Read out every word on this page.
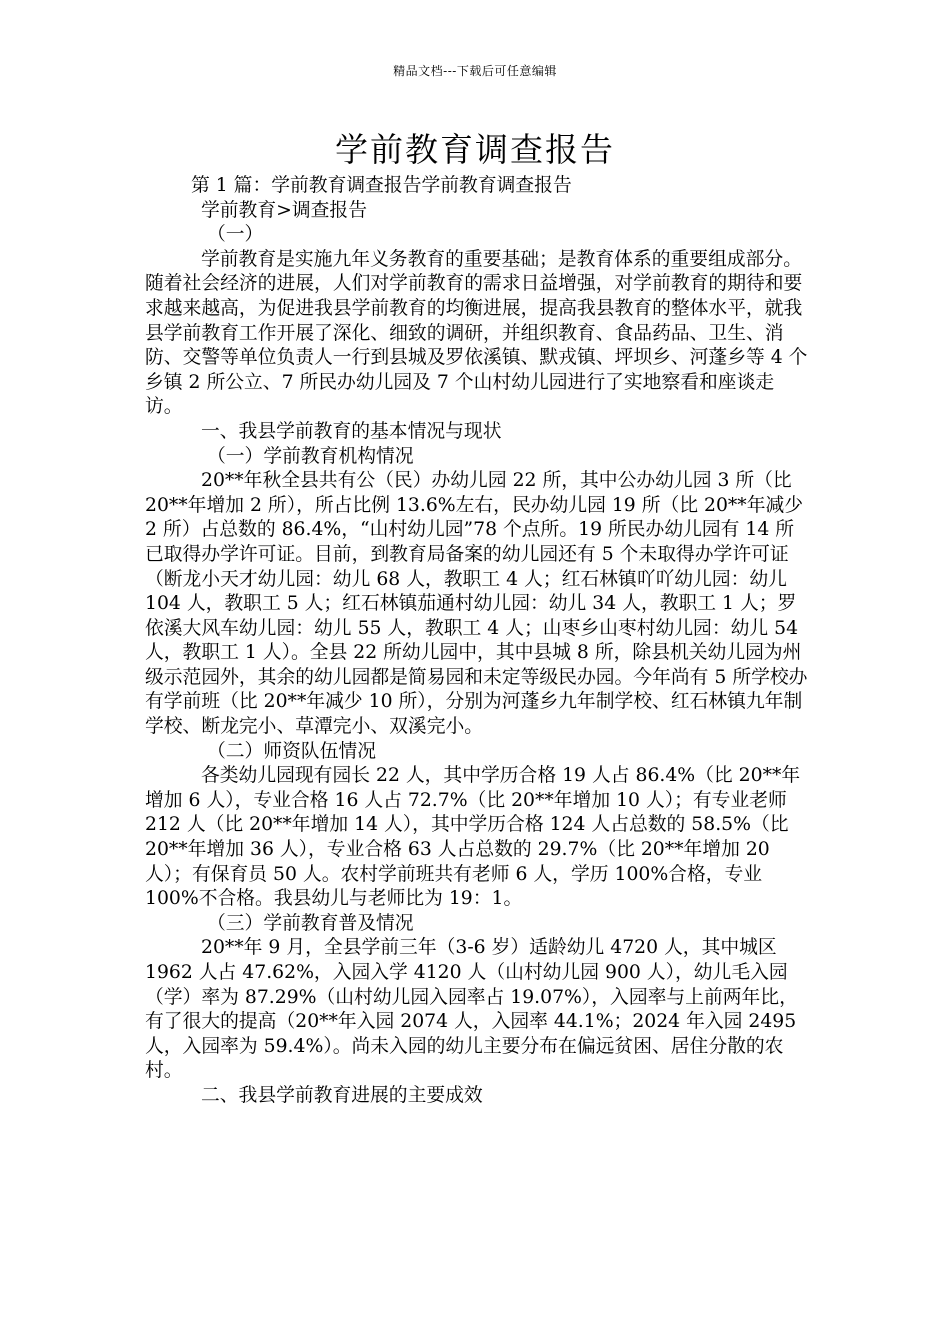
精品文档---下载后可任意编辑
学前教育调查报告

第 1 篇：学前教育调查报告学前教育调查报告

学前教育>调查报告

（一）

学前教育是实施九年义务教育的重要基础；是教育体系的重要组成部分。随着社会经济的进展，人们对学前教育的需求日益增强，对学前教育的期待和要求越来越高，为促进我县学前教育的均衡进展，提高我县教育的整体水平，就我县学前教育工作开展了深化、细致的调研，并组织教育、食品药品、卫生、消防、交警等单位负责人一行到县城及罗依溪镇、默戎镇、坪坝乡、河蓬乡等 4 个乡镇 2 所公立、7 所民办幼儿园及 7 个山村幼儿园进行了实地察看和座谈走访。

一、我县学前教育的基本情况与现状

（一）学前教育机构情况

20**年秋全县共有公（民）办幼儿园 22 所，其中公办幼儿园 3 所（比 20**年增加 2 所），所占比例 13.6%左右，民办幼儿园 19 所（比 20**年减少 2 所）占总数的 86.4%，“山村幼儿园”78 个点所。19 所民办幼儿园有 14 所已取得办学许可证。目前，到教育局备案的幼儿园还有 5 个未取得办学许可证（断龙小天才幼儿园：幼儿 68 人，教职工 4 人；红石林镇吖吖幼儿园：幼儿 104 人，教职工 5 人；红石林镇茄通村幼儿园：幼儿 34 人，教职工 1 人；罗依溪大风车幼儿园：幼儿 55 人，教职工 4 人；山枣乡山枣村幼儿园：幼儿 54 人，教职工 1 人）。全县 22 所幼儿园中，其中县城 8 所，除县机关幼儿园为州级示范园外，其余的幼儿园都是简易园和未定等级民办园。今年尚有 5 所学校办有学前班（比 20**年减少 10 所），分别为河蓬乡九年制学校、红石林镇九年制学校、断龙完小、草潭完小、双溪完小。

（二）师资队伍情况

各类幼儿园现有园长 22 人，其中学历合格 19 人占 86.4%（比 20**年增加 6 人），专业合格 16 人占 72.7%（比 20**年增加 10 人）；有专业老师 212 人（比 20**年增加 14 人），其中学历合格 124 人占总数的 58.5%（比 20**年增加 36 人），专业合格 63 人占总数的 29.7%（比 20**年增加 20 人）；有保育员 50 人。农村学前班共有老师 6 人，学历 100%合格，专业 100%不合格。我县幼儿与老师比为 19：1。

（三）学前教育普及情况

20**年 9 月，全县学前三年（3-6 岁）适龄幼儿 4720 人，其中城区 1962 人占 47.62%，入园入学 4120 人（山村幼儿园 900 人），幼儿毛入园（学）率为 87.29%（山村幼儿园入园率占 19.07%），入园率与上前两年比，有了很大的提高（20**年入园 2074 人，入园率 44.1%；2024 年入园 2495 人，入园率为 59.4%）。尚未入园的幼儿主要分布在偏远贫困、居住分散的农村。

二、我县学前教育进展的主要成效
